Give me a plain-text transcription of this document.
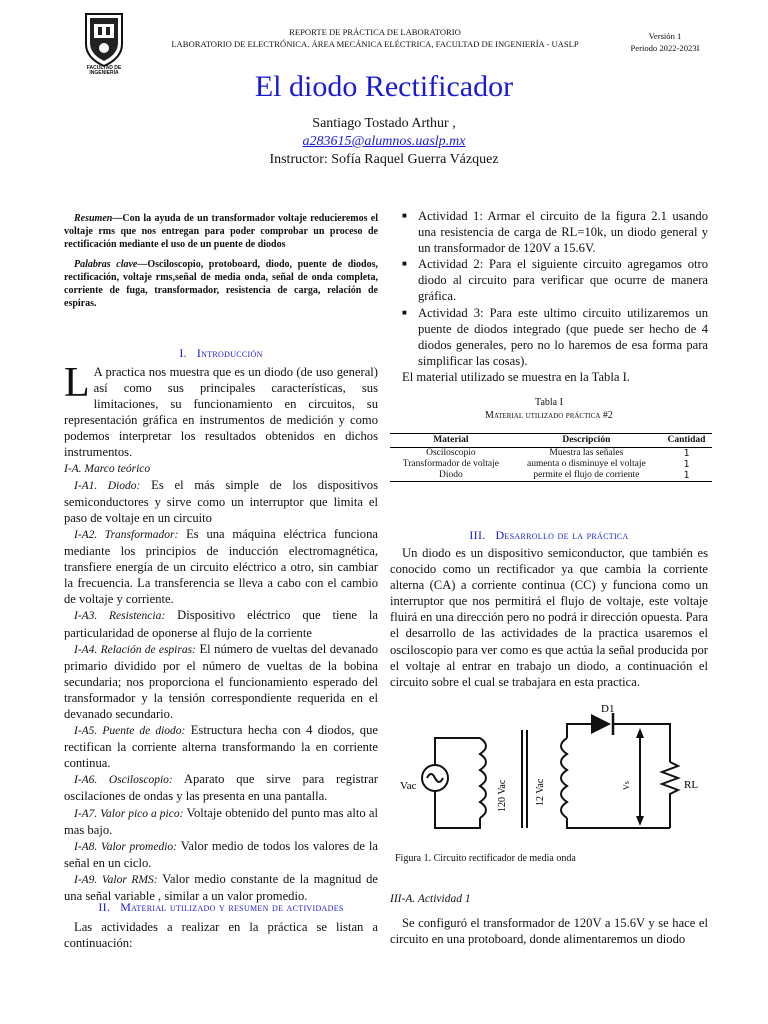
FACULTAD DE INGENIERÍA
REPORTE DE PRÁCTICA DE LABORATORIO
LABORATORIO DE ELECTRÓNICA. ÁREA MECÁNICA ELÉCTRICA, FACULTAD DE INGENIERÍA - UASLP
Versión 1
Periodo 2022-2023I
El diodo Rectificador
Santiago Tostado Arthur ,
a283615@alumnos.uaslp.mx
Instructor: Sofía Raquel Guerra Vázquez

Resumen—Con la ayuda de un transformador voltaje reducieremos el voltaje rms que nos entregan para poder comprobar un proceso de rectificación mediante el uso de un puente de diodos

Palabras clave—Osciloscopio, protoboard, diodo, puente de diodos, rectificación, voltaje rms,señal de media onda, señal de onda completa, corriente de fuga, transformador, resistencia de carga, relación de espiras.

I. Introducción

L A practica nos muestra que es un diodo (de uso general) así como sus principales características, sus limitaciones, su funcionamiento en circuitos, su representación gráfica en instrumentos de medición y como podemos interpretar los resultados obtenidos en dichos instrumentos.

I-A. Marco teórico

I-A1. Diodo: Es el más simple de los dispositivos semiconductores y sirve como un interruptor que limita el paso de voltaje en un circuito

I-A2. Transformador: Es una máquina eléctrica funciona mediante los principios de inducción electromagnética, transfiere energía de un circuito eléctrico a otro, sin cambiar la frecuencia. La transferencia se lleva a cabo con el cambio de voltaje y corriente.

I-A3. Resistencia: Dispositivo eléctrico que tiene la particularidad de oponerse al flujo de la corriente

I-A4. Relación de espiras: El número de vueltas del devanado primario dividido por el número de vueltas de la bobina secundaria; nos proporciona el funcionamiento esperado del transformador y la tensión correspondiente requerida en el devanado secundario.

I-A5. Puente de diodo: Estructura hecha con 4 diodos, que rectifican la corriente alterna transformando la en corriente continua.

I-A6. Osciloscopio: Aparato que sirve para registrar oscilaciones de ondas y las presenta en una pantalla.

I-A7. Valor pico a pico: Voltaje obtenido del punto mas alto al mas bajo.

I-A8. Valor promedio: Valor medio de todos los valores de la señal en un ciclo.

I-A9. Valor RMS: Valor medio constante de la magnitud de una señal variable , similar a un valor promedio.

II. Material utilizado y resumen de actividades

Las actividades a realizar en la práctica se listan a continuación:

■ Actividad 1: Armar el circuito de la figura 2.1 usando una resistencia de carga de RL=10k, un diodo general y un transformador de 120V a 15.6V.
■ Actividad 2: Para el siguiente circuito agregamos otro diodo al circuito para verificar que ocurre de manera gráfica.
■ Actividad 3: Para este ultimo circuito utilizaremos un puente de diodos integrado (que puede ser hecho de 4 diodos generales, pero no lo haremos de esa forma para simplificar las cosas).

El material utilizado se muestra en la Tabla I.

Tabla I
Material utilizado práctica #2
Material	Descripción	Cantidad
Osciloscopio	Muestra las señales	1
Transformador de voltaje	aumenta o disminuye el voltaje	1
Diodo	permite el flujo de corriente	1
III. Desarrollo de la práctica

Un diodo es un dispositivo semiconductor, que también es conocido como un rectificador ya que cambia la corriente alterna (CA) a corriente continua (CC) y funciona como un interruptor que nos permitirá el flujo de voltaje, este voltaje fluirá en una dirección pero no podrá ir dirección opuesta. Para el desarrollo de las actividades de la practica usaremos el osciloscopio para ver como es que actúa la señal producida por el voltaje al entrar en trabajo un diodo, a continuación el circuito sobre el cual se trabajara en esta practica.

D1
Vac	120 Vac	12 Vac	Vs	RL
Figura 1. Circuito rectificador de media onda
III-A. Actividad 1

Se configuró el transformador de 120V a 15.6V y se hace el circuito en una protoboard, donde alimentaremos un diodo
